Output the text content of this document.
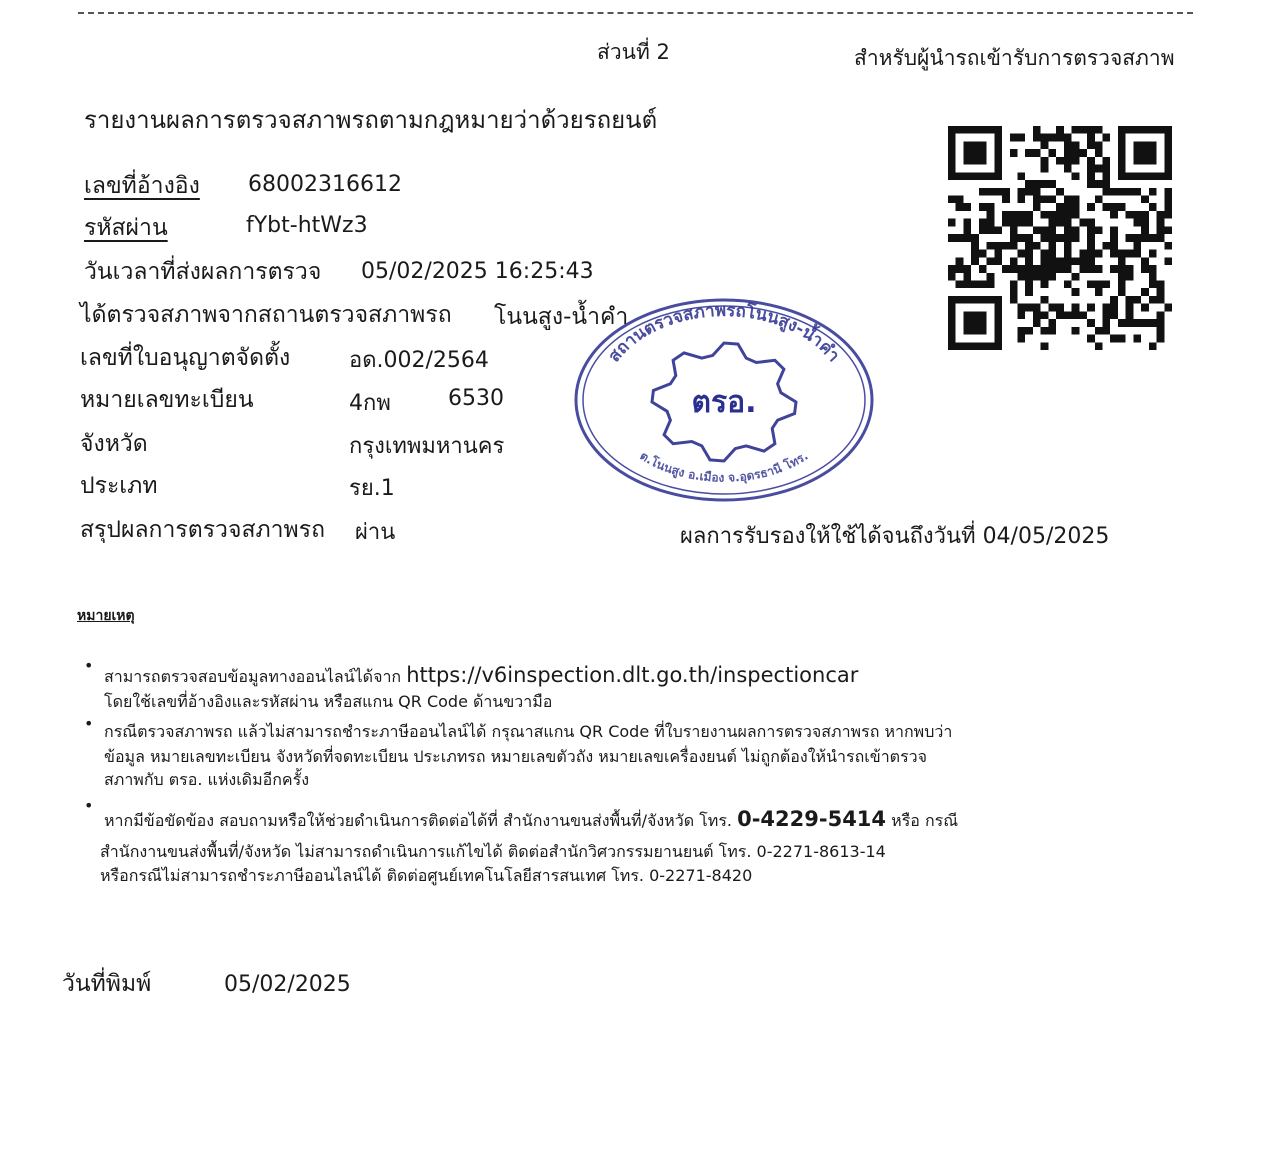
ส่วนที่ 2	สำหรับผู้นำรถเข้ารับการตรวจสภาพ
รายงานผลการตรวจสภาพรถตามกฎหมายว่าด้วยรถยนต์
เลขที่อ้างอิง 68002316612
รหัสผ่าน	fYbt-htWz3
วันเวลาที่ส่งผลการตรวจ 05/02/2025 16:25:43
ได้ตรวจสภาพจากสถานตรวจสภาพรถ โนนสูง-น้ำคำ
เลขที่ใบอนุญาตจัดตั้ง	อด.002/2564
หมายเลขทะเบียน	4กพ	6530
จังหวัด	กรุงเทพมหานคร
ประเภท	รย.1
สรุปผลการตรวจสภาพรถ ผ่าน	ผลการรับรองให้ใช้ได้จนถึงวันที่ 04/05/2025
ตรอ.
สถานตรวจสภาพรถโนนสูง-น้ำคำ
ต.โนนสูง อ.เมือง จ.อุดรธานี โทร.
หมายเหตุ
•
สามารถตรวจสอบข้อมูลทางออนไลน์ได้จาก https://v6inspection.dlt.go.th/inspectioncar
โดยใช้เลขที่อ้างอิงและรหัสผ่าน หรือสแกน QR Code ด้านขวามือ
• กรณีตรวจสภาพรถ แล้วไม่สามารถชำระภาษีออนไลน์ได้ กรุณาสแกน QR Code ที่ใบรายงานผลการตรวจสภาพรถ หากพบว่า
ข้อมูล หมายเลขทะเบียน จังหวัดที่จดทะเบียน ประเภทรถ หมายเลขตัวถัง หมายเลขเครื่องยนต์ ไม่ถูกต้องให้นำรถเข้าตรวจ
สภาพกับ ตรอ. แห่งเดิมอีกครั้ง
•
หากมีข้อขัดข้อง สอบถามหรือให้ช่วยดำเนินการติดต่อได้ที่ สำนักงานขนส่งพื้นที่/จังหวัด โทร. 0-4229-5414 หรือ กรณี
สำนักงานขนส่งพื้นที่/จังหวัด ไม่สามารถดำเนินการแก้ไขได้ ติดต่อสำนักวิศวกรรมยานยนต์ โทร. 0-2271-8613-14
หรือกรณีไม่สามารถชำระภาษีออนไลน์ได้ ติดต่อศูนย์เทคโนโลยีสารสนเทศ โทร. 0-2271-8420
วันที่พิมพ์	05/02/2025
